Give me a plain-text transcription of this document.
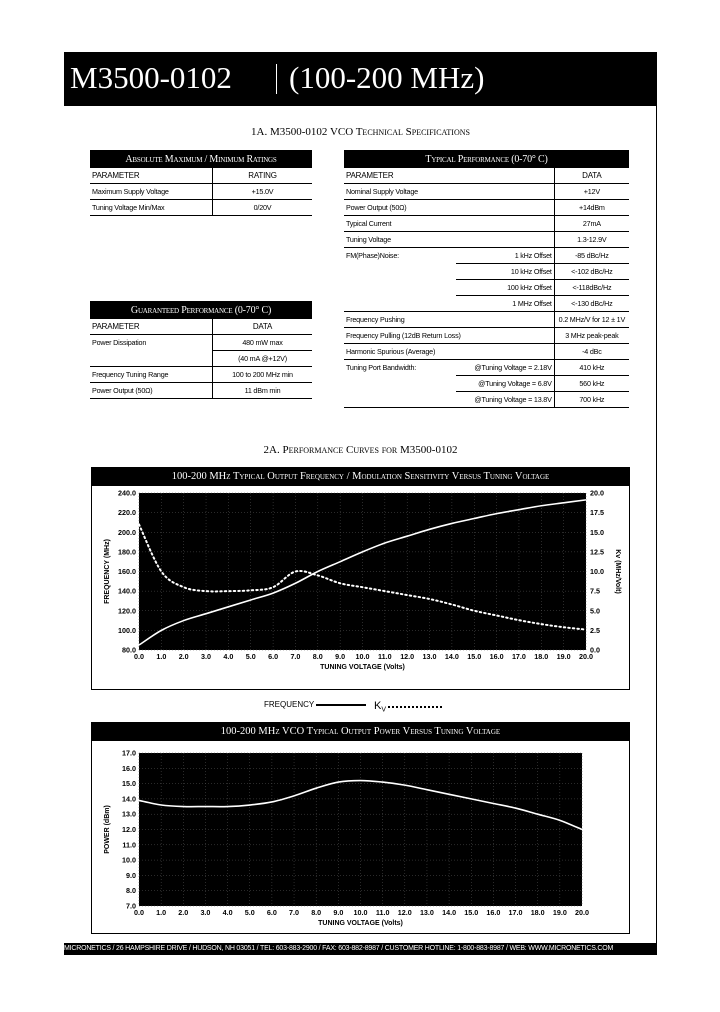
M3500-0102 (100-200 MHz)
1A. M3500-0102 VCO Technical Specifications
Absolute Maximum / Minimum Ratings	
PARAMETER	RATING
Maximum Supply Voltage	+15.0V
Tuning Voltage Min/Max	0/20V
Guaranteed Performance (0-70° C)	
PARAMETER	DATA
Power Dissipation	480 mW max
	(40 mA @+12V)
Frequency Tuning Range	100 to 200 MHz min
Power Output (50Ω)	11 dBm min
Typical Performance (0-70° C)		
PARAMETER		DATA
Nominal Supply Voltage		+12V
Power Output (50Ω)		+14dBm
Typical Current		27mA
Tuning Voltage		1.3-12.9V
FM(Phase)Noise:	1 kHz Offset	-85 dBc/Hz
	10 kHz Offset	<-102 dBc/Hz
	100 kHz Offset	<-118dBc/Hz
	1 MHz Offset	<-130 dBc/Hz
Frequency Pushing		0.2 MHz/V for 12 ± 1V
Frequency Pulling (12dB Return Loss)		3 MHz peak-peak
Harmonic Spurious (Average)		-4 dBc
Tuning Port Bandwidth:	@Tuning Voltage = 2.18V	410 kHz
	@Tuning Voltage = 6.8V	560 kHz
	@Tuning Voltage = 13.8V	700 kHz
2A. Performance Curves for M3500-0102
100-200 MHz Typical Output Frequency / Modulation Sensitivity Versus Tuning Voltage
0.0 1.0 2.0 3.0 4.0 5.0 6.0 7.0 8.0 9.0 10.0 11.0 12.0 13.0 14.0 15.0 16.0 17.0 18.0 19.0 20.0
80.0
100.0
120.0
140.0
160.0
180.0
200.0
220.0
240.0
TUNING VOLTAGE (Volts)
FREQUENCY (MHz)
0.0
2.5
5.0
7.5
10.0
12.5
15.0
17.5
20.0
Kv (MHz/Volt)
FREQUENCY	$K_V$
100-200 MHz VCO Typical Output Power Versus Tuning Voltage
0.0 1.0 2.0 3.0 4.0 5.0 6.0 7.0 8.0 9.0 10.0 11.0 12.0 13.0 14.0 15.0 16.0 17.0 18.0 19.0 20.0
7.0
8.0
9.0
10.0
11.0
12.0
13.0
14.0
15.0
16.0
17.0
TUNING VOLTAGE (Volts)
POWER (dBm)
MICRONETICS / 26 HAMPSHIRE DRIVE / HUDSON, NH 03051 / TEL: 603-883-2900 / FAX: 603-882-8987 / CUSTOMER HOTLINE: 1-800-883-8987 / WEB: WWW.MICRONETICS.COM
